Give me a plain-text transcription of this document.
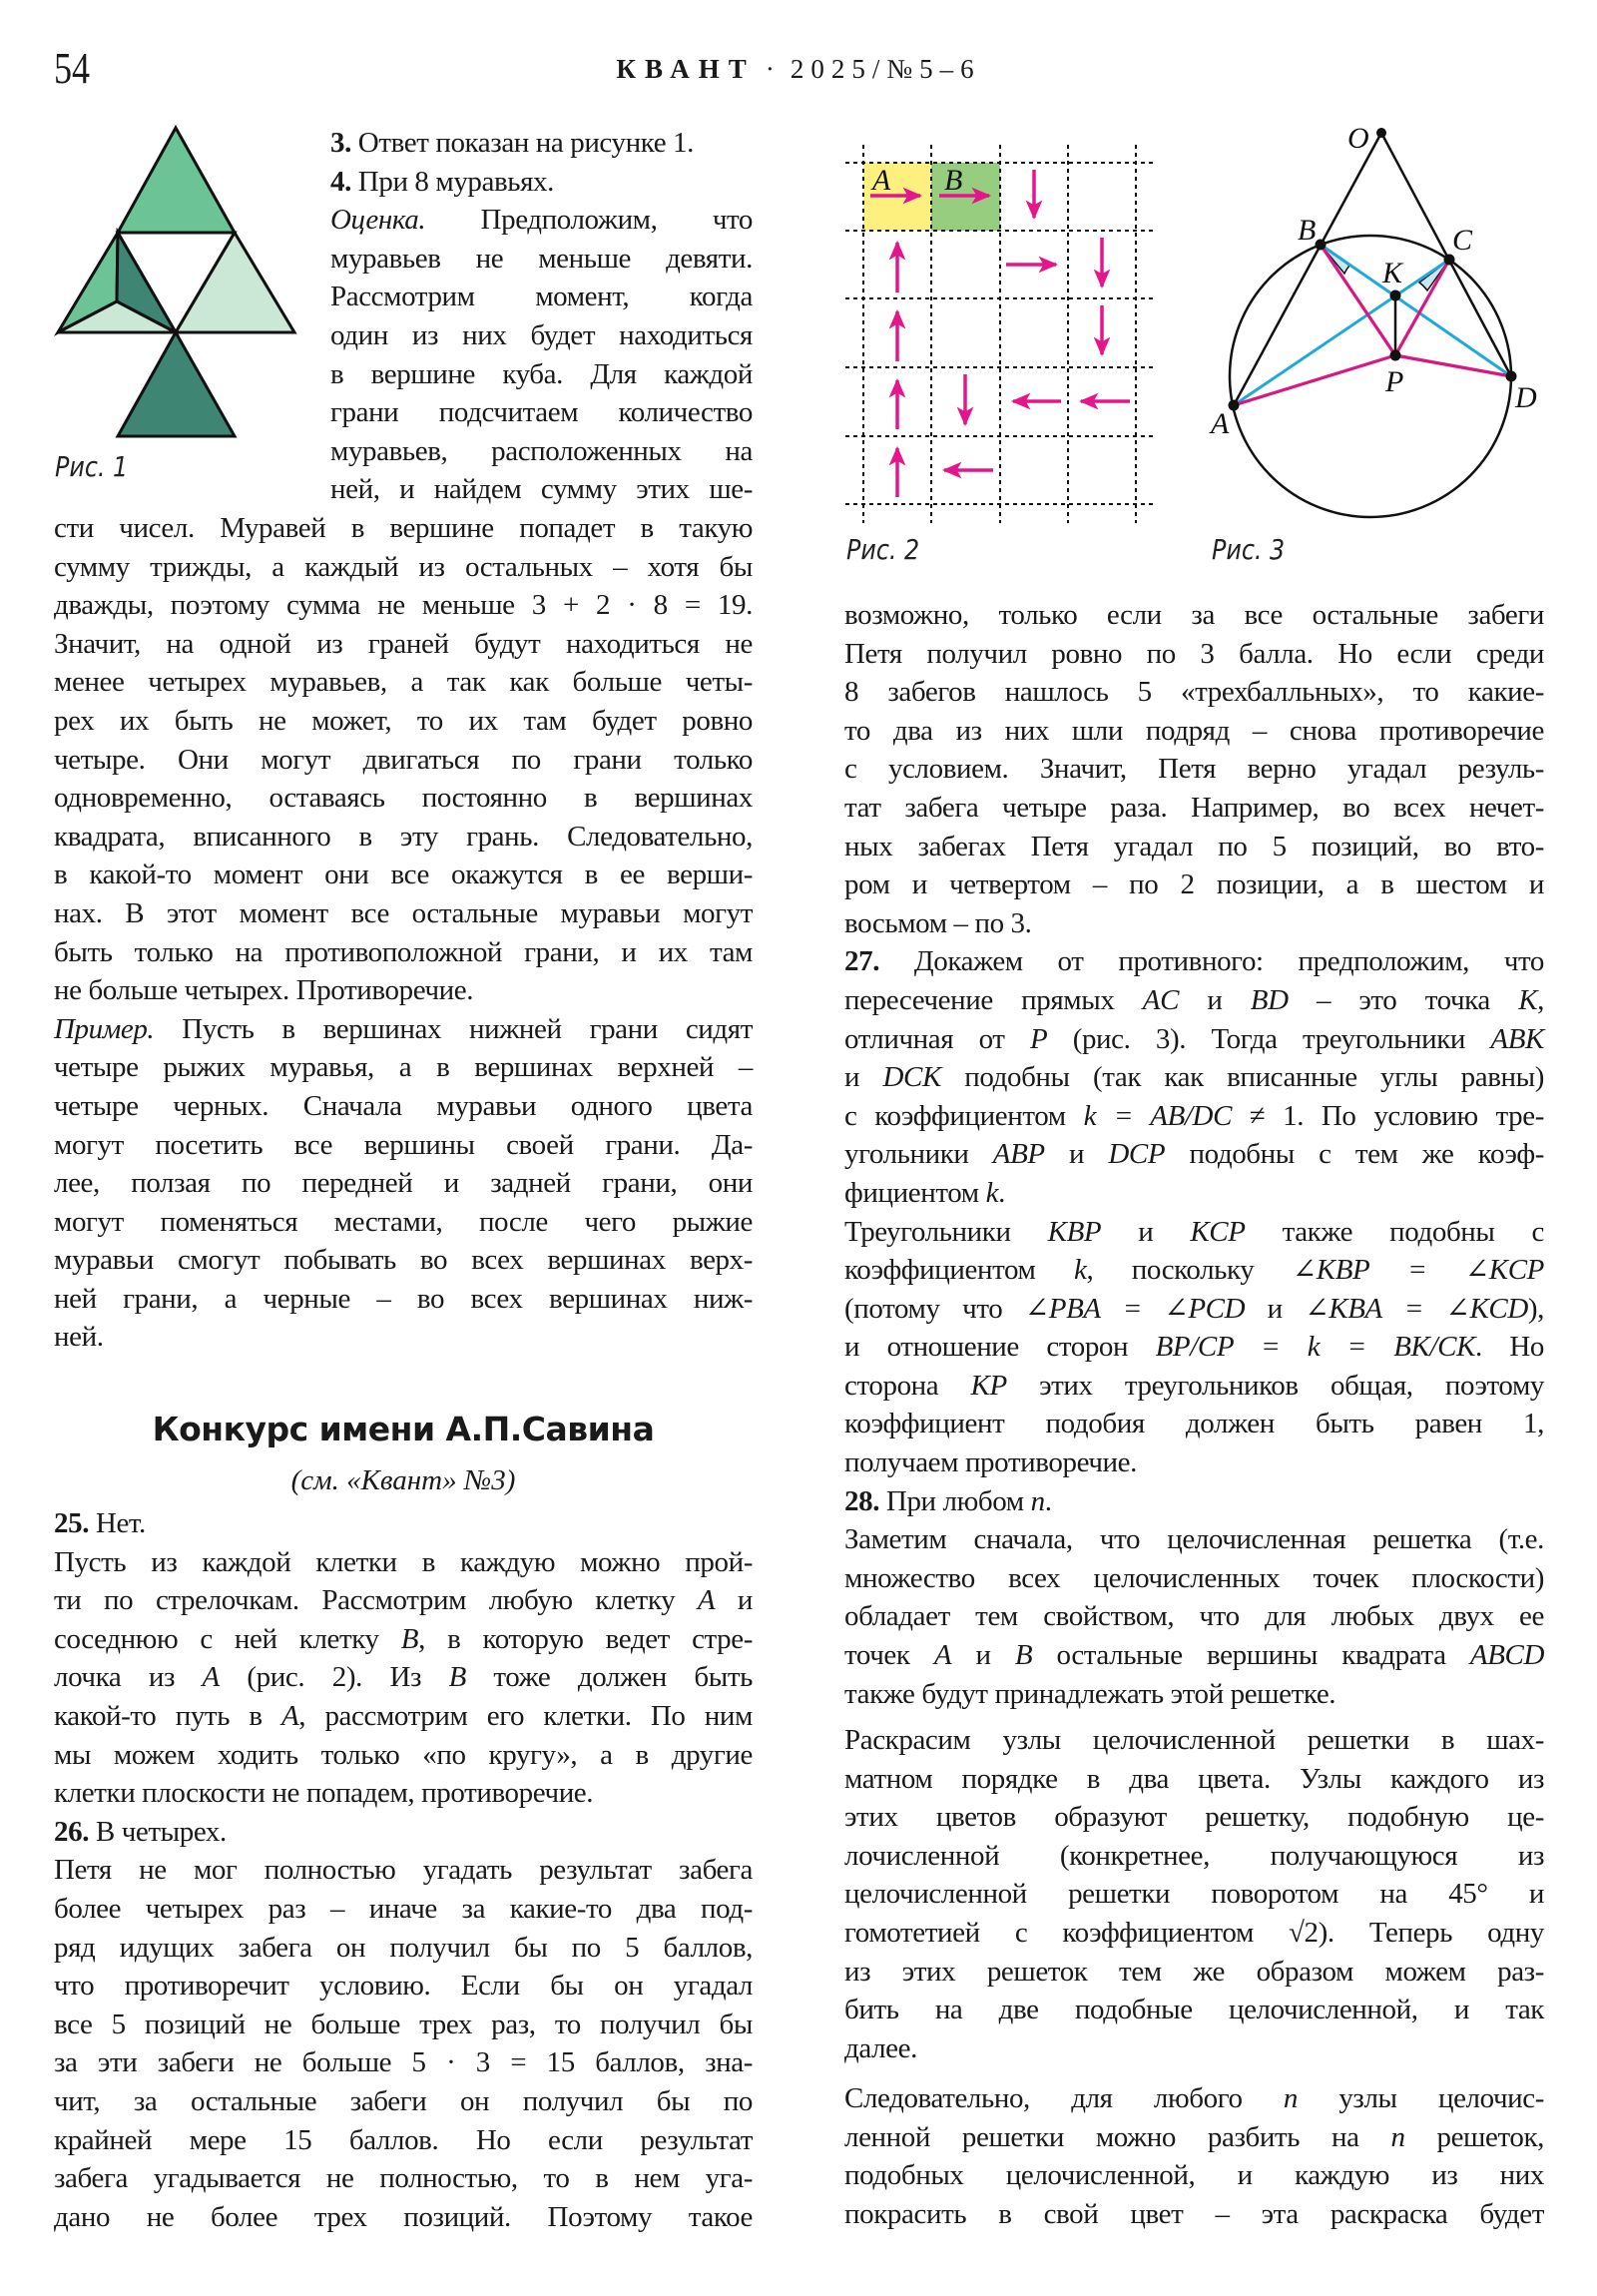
54	КВАНТ · 2025/№5–6
Рис. 1
A B
Рис. 2
O
B	C
K
P
A
D
Рис. 3
Конкурс имени А.П.Савина
(см. «Квант» №3)
3. Ответ показан на рисунке 1.
4. При 8 муравьях.
Оценка. Предположим, что
муравьев не меньше девяти.
Рассмотрим момент, когда
один из них будет находиться
в вершине куба. Для каждой
грани подсчитаем количество
муравьев, расположенных на
ней, и найдем сумму этих ше-
сти чисел. Муравей в вершине попадет в такую
сумму трижды, а каждый из остальных – хотя бы
дважды, поэтому сумма не меньше 3 + 2 · 8 = 19.
Значит, на одной из граней будут находиться не
менее четырех муравьев, а так как больше четы-
рех их быть не может, то их там будет ровно
четыре. Они могут двигаться по грани только
одновременно, оставаясь постоянно в вершинах
квадрата, вписанного в эту грань. Следовательно,
в какой-то момент они все окажутся в ее верши-
нах. В этот момент все остальные муравьи могут
быть только на противоположной грани, и их там
не больше четырех. Противоречие.
Пример. Пусть в вершинах нижней грани сидят
четыре рыжих муравья, а в вершинах верхней –
четыре черных. Сначала муравьи одного цвета
могут посетить все вершины своей грани. Да-
лее, ползая по передней и задней грани, они
могут поменяться местами, после чего рыжие
муравьи смогут побывать во всех вершинах верх-
ней грани, а черные – во всех вершинах ниж-
ней.
25. Нет.
Пусть из каждой клетки в каждую можно прой-
ти по стрелочкам. Рассмотрим любую клетку A и
соседнюю с ней клетку B, в которую ведет стре-
лочка из A (рис. 2). Из B тоже должен быть
какой-то путь в A, рассмотрим его клетки. По ним
мы можем ходить только «по кругу», а в другие
клетки плоскости не попадем, противоречие.
26. В четырех.
Петя не мог полностью угадать результат забега
более четырех раз – иначе за какие-то два под-
ряд идущих забега он получил бы по 5 баллов,
что противоречит условию. Если бы он угадал
все 5 позиций не больше трех раз, то получил бы
за эти забеги не больше 5 · 3 = 15 баллов, зна-
чит, за остальные забеги он получил бы по
крайней мере 15 баллов. Но если результат
забега угадывается не полностью, то в нем уга-
дано не более трех позиций. Поэтому такое
возможно, только если за все остальные забеги
Петя получил ровно по 3 балла. Но если среди
8 забегов нашлось 5 «трехбалльных», то какие-
то два из них шли подряд – снова противоречие
с условием. Значит, Петя верно угадал резуль-
тат забега четыре раза. Например, во всех нечет-
ных забегах Петя угадал по 5 позиций, во вто-
ром и четвертом – по 2 позиции, а в шестом и
восьмом – по 3.
27. Докажем от противного: предположим, что
пересечение прямых AC и BD – это точка K,
отличная от P (рис. 3). Тогда треугольники ABK
и DCK подобны (так как вписанные углы равны)
с коэффициентом k = AB/DC ≠ 1. По условию тре-
угольники ABP и DCP подобны с тем же коэф-
фициентом k.
Треугольники KBP и KCP также подобны с
коэффициентом k, поскольку ∠KBP = ∠KCP
(потому что ∠PBA = ∠PCD и ∠KBA = ∠KCD),
и отношение сторон BP/CP = k = BK/CK. Но
сторона KP этих треугольников общая, поэтому
коэффициент подобия должен быть равен 1,
получаем противоречие.
28. При любом n.
Заметим сначала, что целочисленная решетка (т.е.
множество всех целочисленных точек плоскости)
обладает тем свойством, что для любых двух ее
точек A и B остальные вершины квадрата ABCD
также будут принадлежать этой решетке.
Раскрасим узлы целочисленной решетки в шах-
матном порядке в два цвета. Узлы каждого из
этих цветов образуют решетку, подобную це-
лочисленной (конкретнее, получающуюся из
целочисленной решетки поворотом на 45° и
гомотетией с коэффициентом √2). Теперь одну
из этих решеток тем же образом можем раз-
бить на две подобные целочисленной, и так
далее.
Следовательно, для любого n узлы целочис-
ленной решетки можно разбить на n решеток,
подобных целочисленной, и каждую из них
покрасить в свой цвет – эта раскраска будет
